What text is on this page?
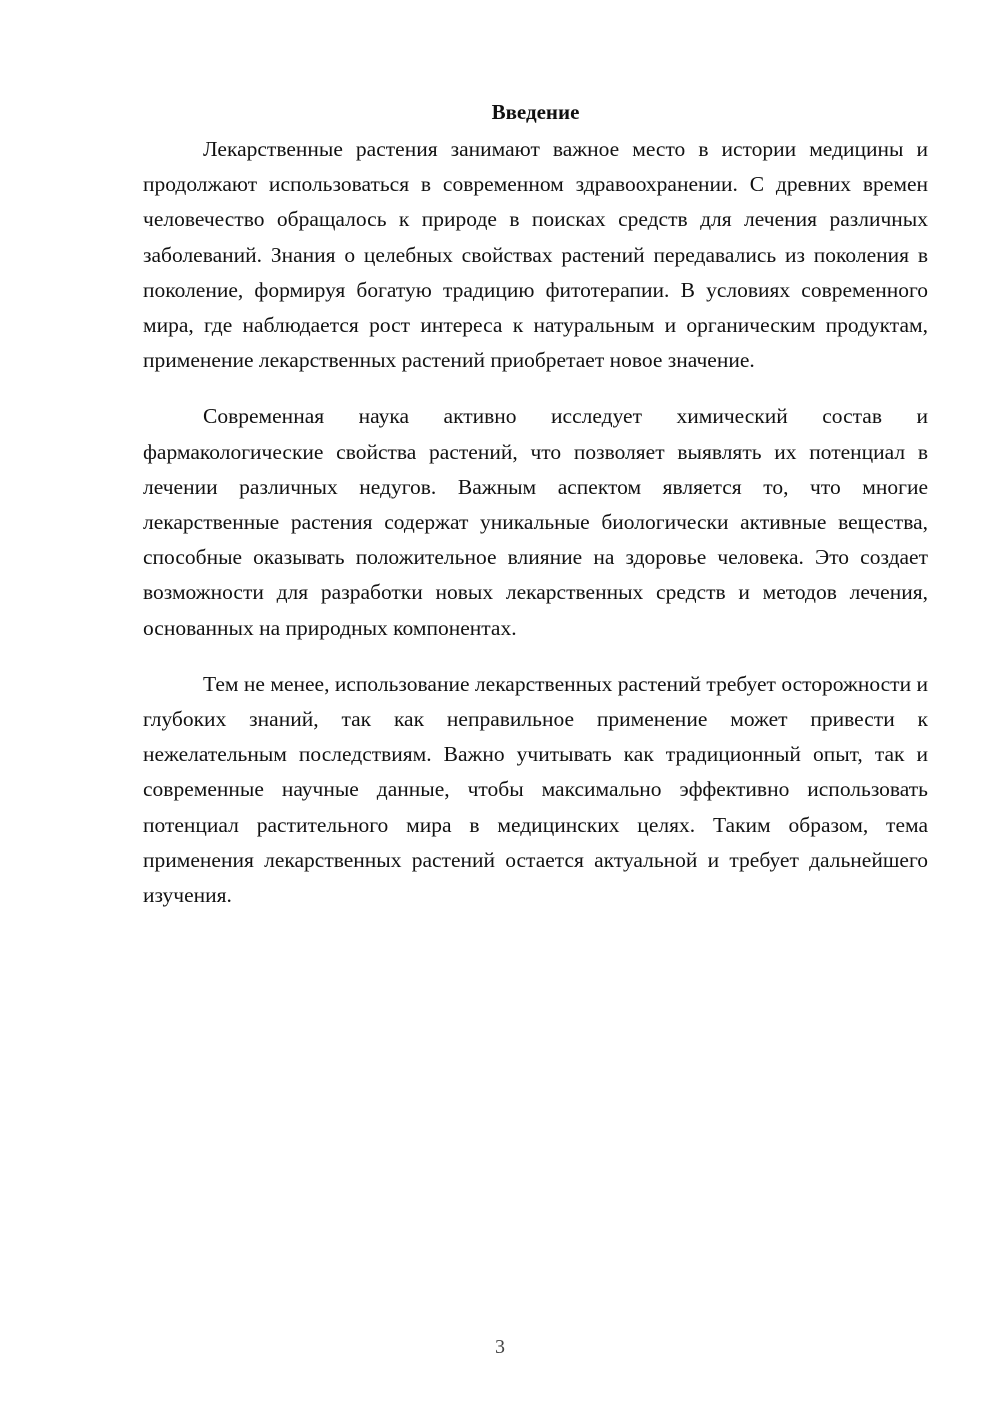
Введение

Лекарственные растения занимают важное место в истории медицины и продолжают использоваться в современном здравоохранении. С древних времен человечество обращалось к природе в поисках средств для лечения различных заболеваний. Знания о целебных свойствах растений передавались из поколения в поколение, формируя богатую традицию фитотерапии. В условиях современного мира, где наблюдается рост интереса к натуральным и органическим продуктам, применение лекарственных растений приобретает новое значение.

Современная наука активно исследует химический состав и фармакологические свойства растений, что позволяет выявлять их потенциал в лечении различных недугов. Важным аспектом является то, что многие лекарственные растения содержат уникальные биологически активные вещества, способные оказывать положительное влияние на здоровье человека. Это создает возможности для разработки новых лекарственных средств и методов лечения, основанных на природных компонентах.

Тем не менее, использование лекарственных растений требует осторожности и глубоких знаний, так как неправильное применение может привести к нежелательным последствиям. Важно учитывать как традиционный опыт, так и современные научные данные, чтобы максимально эффективно использовать потенциал растительного мира в медицинских целях. Таким образом, тема применения лекарственных растений остается актуальной и требует дальнейшего изучения.

3
